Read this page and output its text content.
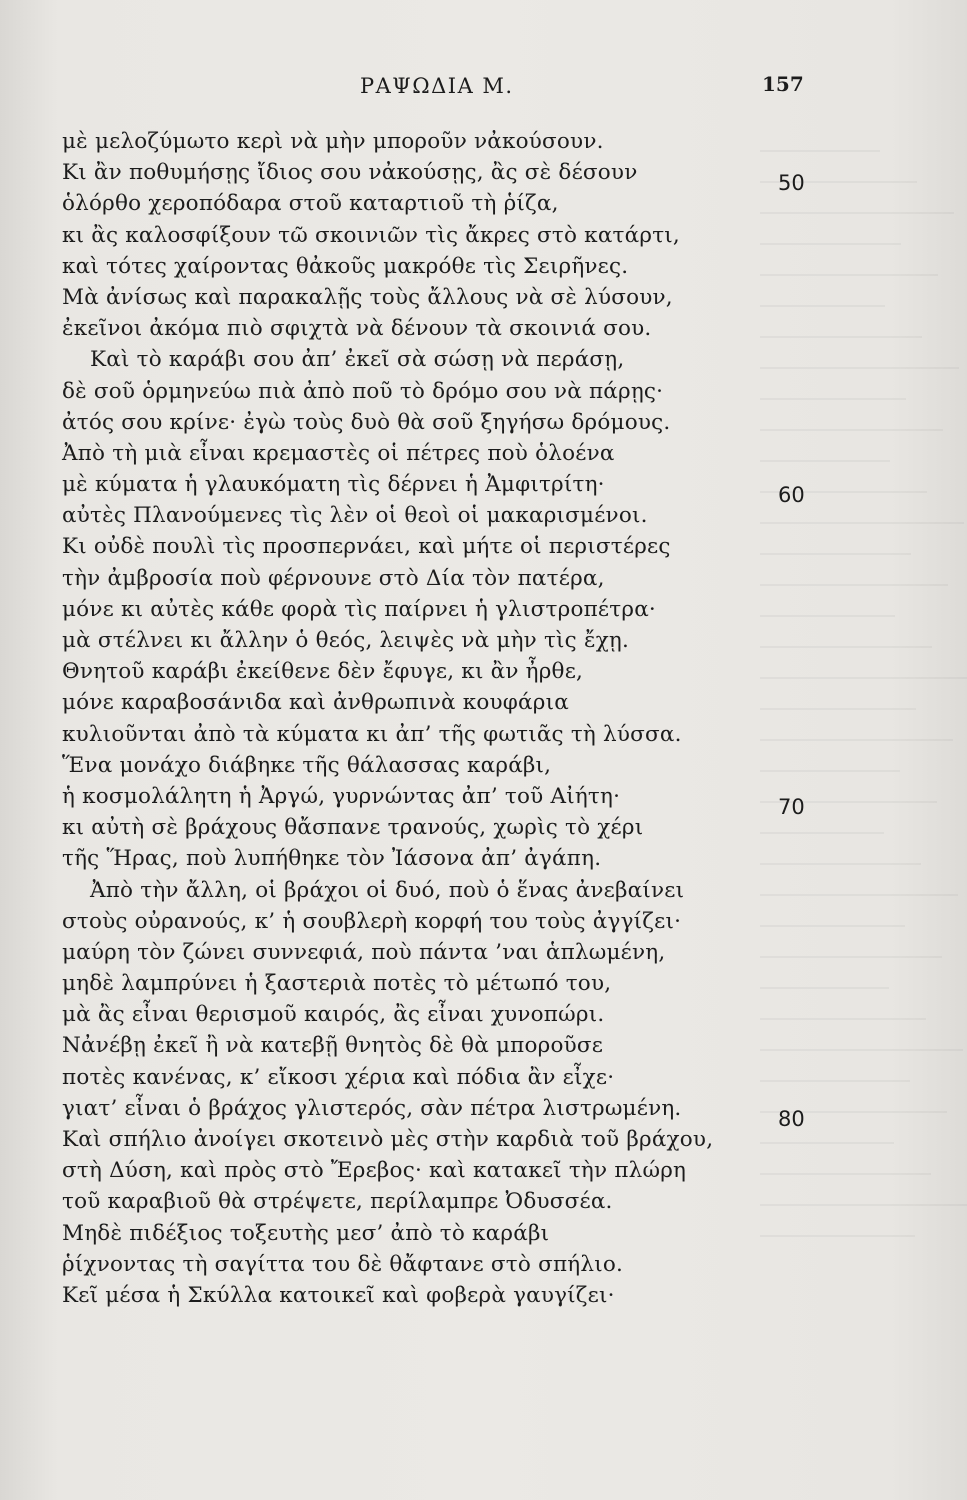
ΡΑΨΩΔΙΑ Μ.	157
μὲ μελοζύμωτο κερὶ νὰ μὴν μποροῦν νἀκούσουν.
Κι ἂν ποθυμήσῃς ἴδιος σου νἀκούσῃς, ἂς σὲ δέσουν
ὁλόρθο χεροπόδαρα στοῦ καταρτιοῦ τὴ ῥίζα,
κι ἂς καλοσφίξουν τῶ σκοινιῶν τὶς ἄκρες στὸ κατάρτι,
καὶ τότες χαίροντας θἀκοῦς μακρόθε τὶς Σειρῆνες.
Μὰ ἀνίσως καὶ παρακαλῇς τοὺς ἄλλους νὰ σὲ λύσουν,
ἐκεῖνοι ἀκόμα πιὸ σφιχτὰ νὰ δένουν τὰ σκοινιά σου.
Καὶ τὸ καράβι σου ἀπ’ ἐκεῖ σὰ σώσῃ νὰ περάσῃ,
δὲ σοῦ ὁρμηνεύω πιὰ ἀπὸ ποῦ τὸ δρόμο σου νὰ πάρῃς·
ἀτός σου κρίνε· ἐγὼ τοὺς δυὸ θὰ σοῦ ξηγήσω δρόμους.
Ἀπὸ τὴ μιὰ εἶναι κρεμαστὲς οἱ πέτρες ποὺ ὁλοένα
μὲ κύματα ἡ γλαυκόματη τὶς δέρνει ἡ Ἀμφιτρίτη·
αὐτὲς Πλανούμενες τὶς λὲν οἱ θεοὶ οἱ μακαρισμένοι.
Κι οὐδὲ πουλὶ τὶς προσπερνάει, καὶ μήτε οἱ περιστέρες
τὴν ἀμβροσία ποὺ φέρνουνε στὸ Δία τὸν πατέρα,
μόνε κι αὐτὲς κάθε φορὰ τὶς παίρνει ἡ γλιστροπέτρα·
μὰ στέλνει κι ἄλλην ὁ θεός, λειψὲς νὰ μὴν τὶς ἔχῃ.
Θνητοῦ καράβι ἐκείθενε δὲν ἔφυγε, κι ἂν ἦρθε,
μόνε καραβοσάνιδα καὶ ἀνθρωπινὰ κουφάρια
κυλιοῦνται ἀπὸ τὰ κύματα κι ἀπ’ τῆς φωτιᾶς τὴ λύσσα.
Ἕνα μονάχο διάβηκε τῆς θάλασσας καράβι,
ἡ κοσμολάλητη ἡ Ἀργώ, γυρνώντας ἀπ’ τοῦ Αἰήτη·
κι αὐτὴ σὲ βράχους θἄσπανε τρανούς, χωρὶς τὸ χέρι
τῆς Ἥρας, ποὺ λυπήθηκε τὸν Ἰάσονα ἀπ’ ἀγάπη.
Ἀπὸ τὴν ἄλλη, οἱ βράχοι οἱ δυό, ποὺ ὁ ἕνας ἀνεβαίνει
στοὺς οὐρανούς, κ’ ἡ σουβλερὴ κορφή του τοὺς ἀγγίζει·
μαύρη τὸν ζώνει συννεφιά, ποὺ πάντα ’ναι ἁπλωμένη,
μηδὲ λαμπρύνει ἡ ξαστεριὰ ποτὲς τὸ μέτωπό του,
μὰ ἂς εἶναι θερισμοῦ καιρός, ἂς εἶναι χυνοπώρι.
Νἀνέβῃ ἐκεῖ ἢ νὰ κατεβῇ θνητὸς δὲ θὰ μποροῦσε
ποτὲς κανένας, κ’ εἴκοσι χέρια καὶ πόδια ἂν εἶχε·
γιατ’ εἶναι ὁ βράχος γλιστερός, σὰν πέτρα λιστρωμένη.
Καὶ σπήλιο ἀνοίγει σκοτεινὸ μὲς στὴν καρδιὰ τοῦ βράχου,
στὴ Δύση, καὶ πρὸς στὸ Ἔρεβος· καὶ κατακεῖ τὴν πλώρη
τοῦ καραβιοῦ θὰ στρέψετε, περίλαμπρε Ὀδυσσέα.
Μηδὲ πιδέξιος τοξευτὴς μεσ’ ἀπὸ τὸ καράβι
ῥίχνοντας τὴ σαγίττα του δὲ θἄφτανε στὸ σπήλιο.
Κεῖ μέσα ἡ Σκύλλα κατοικεῖ καὶ φοβερὰ γαυγίζει·
50
60
70
80
